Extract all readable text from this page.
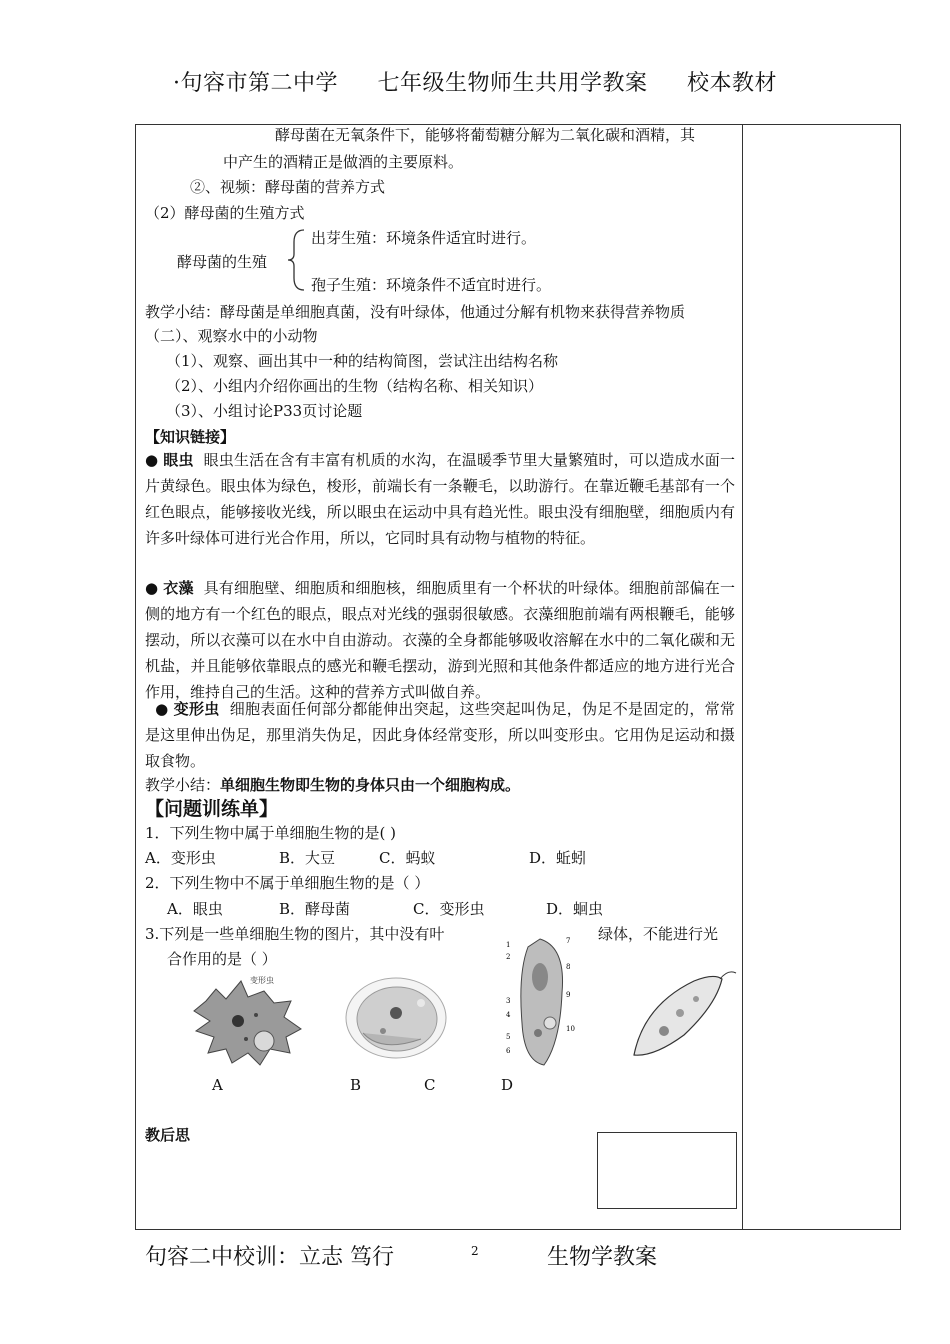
·句容市第二中学 七年级生物师生共用学教案 校本教材
酵母菌在无氧条件下，能够将葡萄糖分解为二氧化碳和酒精，其
中产生的酒精正是做酒的主要原料。
②、视频：酵母菌的营养方式
（2）酵母菌的生殖方式
酵母菌的生殖
出芽生殖：环境条件适宜时进行。
孢子生殖：环境条件不适宜时进行。
教学小结：酵母菌是单细胞真菌，没有叶绿体，他通过分解有机物来获得营养物质
（二）、观察水中的小动物
（1）、观察、画出其中一种的结构简图，尝试注出结构名称
（2）、小组内介绍你画出的生物（结构名称、相关知识）
（3）、小组讨论P33页讨论题
【知识链接】
● 眼虫 眼虫生活在含有丰富有机质的水沟，在温暖季节里大量繁殖时，可以造成水面一片黄绿色。眼虫体为绿色，梭形，前端长有一条鞭毛，以助游行。在靠近鞭毛基部有一个红色眼点，能够接收光线，所以眼虫在运动中具有趋光性。眼虫没有细胞壁，细胞质内有许多叶绿体可进行光合作用，所以，它同时具有动物与植物的特征。
● 衣藻 具有细胞壁、细胞质和细胞核，细胞质里有一个杯状的叶绿体。细胞前部偏在一侧的地方有一个红色的眼点，眼点对光线的强弱很敏感。衣藻细胞前端有两根鞭毛，能够摆动，所以衣藻可以在水中自由游动。衣藻的全身都能够吸收溶解在水中的二氧化碳和无机盐，并且能够依靠眼点的感光和鞭毛摆动，游到光照和其他条件都适应的地方进行光合作用，维持自己的生活。这种的营养方式叫做自养。
● 变形虫 细胞表面任何部分都能伸出突起，这些突起叫伪足，伪足不是固定的，常常是这里伸出伪足，那里消失伪足，因此身体经常变形，所以叫变形虫。它用伪足运动和摄取食物。
教学小结：单细胞生物即生物的身体只由一个细胞构成。
【问题训练单】
1．下列生物中属于单细胞生物的是( )
A．变形虫	B．大豆	C．蚂蚁	D．蚯蚓
2．下列生物中不属于单细胞生物的是（ ）
A．眼虫	B．酵母菌	C．变形虫	D．蛔虫
3.下列是一些单细胞生物的图片，其中没有叶	绿体，不能进行光
合作用的是（ ）
变形虫
1
2
3
4
5
6
7
8
9
10
A	B	C	D
教后思
句容二中校训：立志 笃行	2	生物学教案
